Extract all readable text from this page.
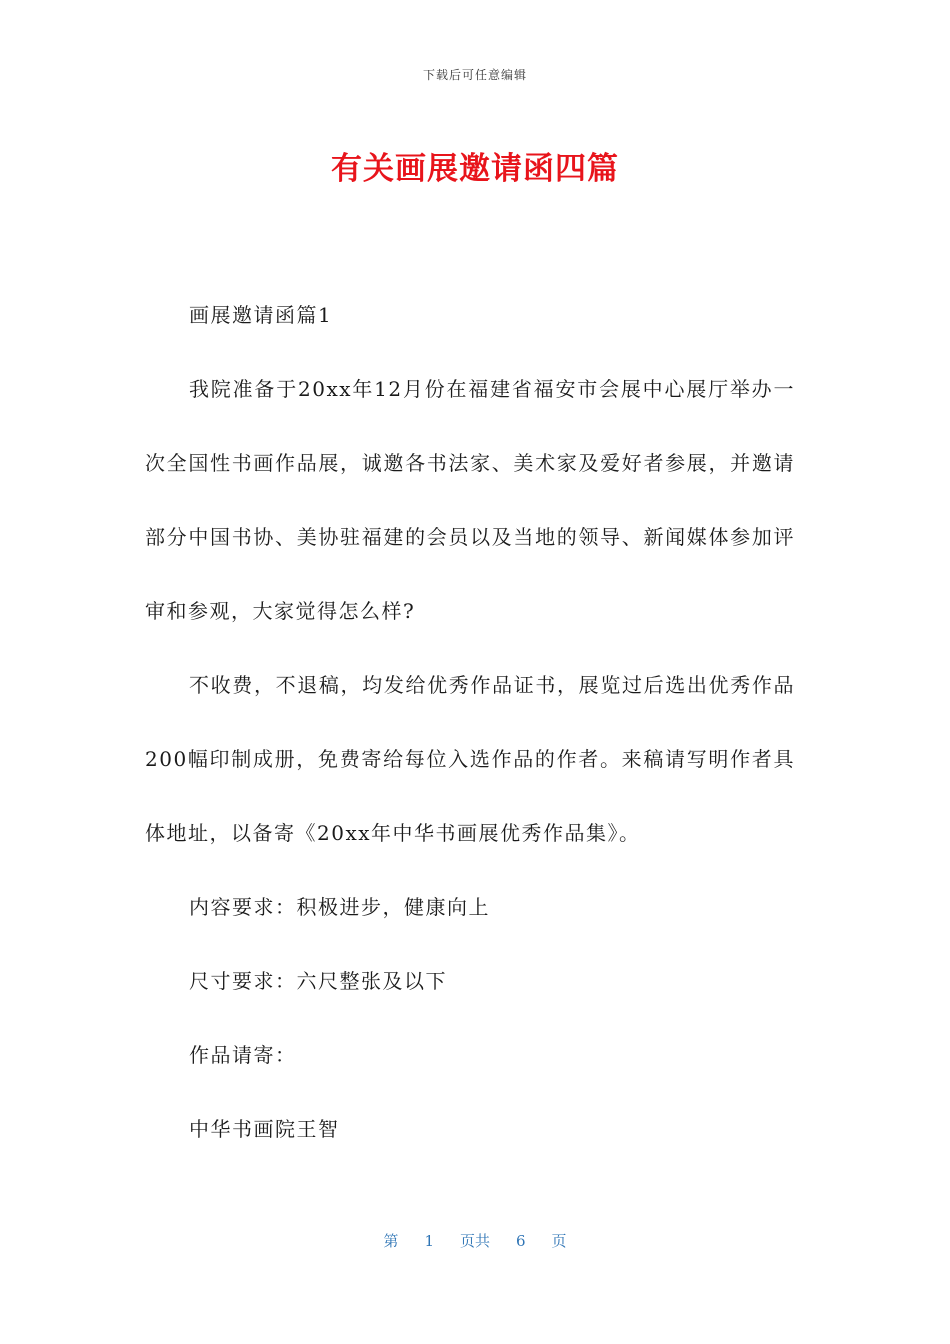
下载后可任意编辑
有关画展邀请函四篇

画展邀请函篇1

我院准备于20xx年12月份在福建省福安市会展中心展厅举办一次全国性书画作品展，诚邀各书法家、美术家及爱好者参展，并邀请部分中国书协、美协驻福建的会员以及当地的领导、新闻媒体参加评审和参观，大家觉得怎么样?

不收费，不退稿，均发给优秀作品证书，展览过后选出优秀作品200幅印制成册，免费寄给每位入选作品的作者。来稿请写明作者具体地址，以备寄《20xx年中华书画展优秀作品集》。

内容要求：积极进步，健康向上

尺寸要求：六尺整张及以下

作品请寄：

中华书画院王智

第 1 页共 6 页
